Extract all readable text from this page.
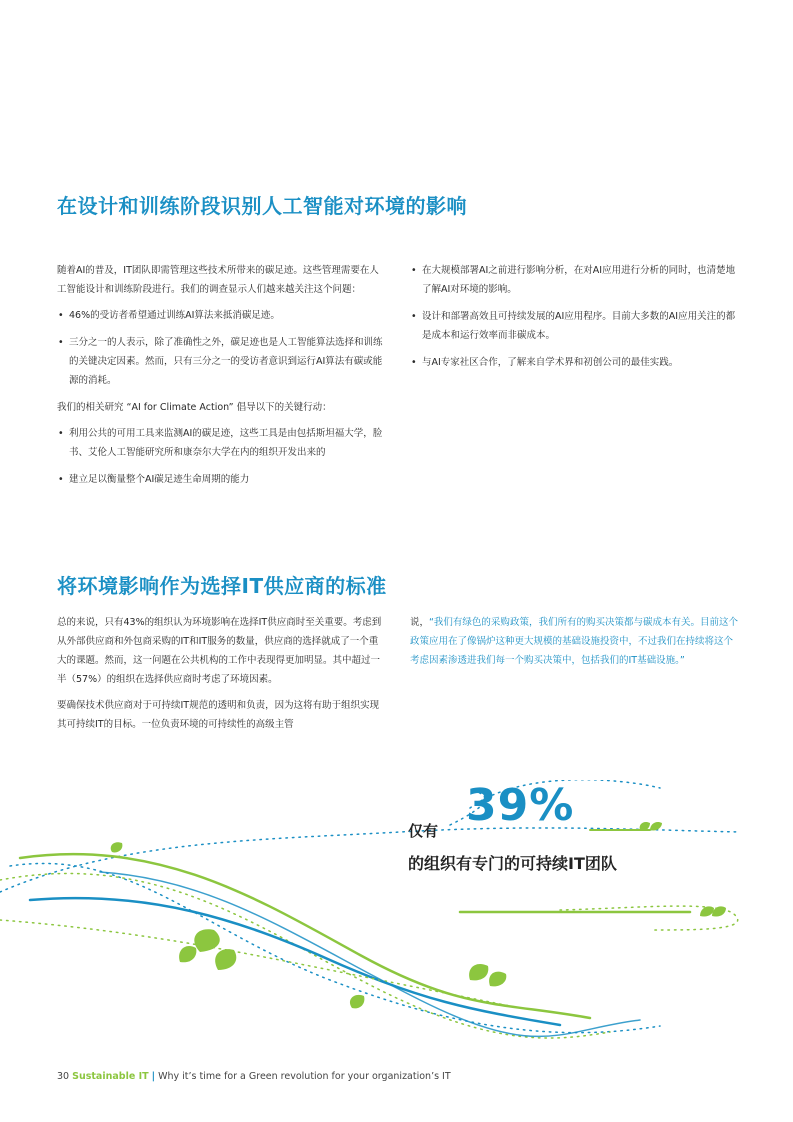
在设计和训练阶段识别人工智能对环境的影响

随着AI的普及，IT团队即需管理这些技术所带来的碳足迹。这些管理需要在人工智能设计和训练阶段进行。我们的调查显示人们越来越关注这个问题：

• 46%的受访者希望通过训练AI算法来抵消碳足迹。
• 三分之一的人表示，除了准确性之外，碳足迹也是人工智能算法选择和训练的关键决定因素。然而，只有三分之一的受访者意识到运行AI算法有碳或能源的消耗。

我们的相关研究 “AI for Climate Action” 倡导以下的关键行动：

• 利用公共的可用工具来监测AI的碳足迹，这些工具是由包括斯坦福大学，脸书、艾伦人工智能研究所和康奈尔大学在内的组织开发出来的
• 建立足以衡量整个AI碳足迹生命周期的能力
• 在大规模部署AI之前进行影响分析，在对AI应用进行分析的同时，也清楚地了解AI对环境的影响。
• 设计和部署高效且可持续发展的AI应用程序。目前大多数的AI应用关注的都是成本和运行效率而非碳成本。
• 与AI专家社区合作，了解来自学术界和初创公司的最佳实践。
将环境影响作为选择IT供应商的标准

总的来说，只有43%的组织认为环境影响在选择IT供应商时至关重要。考虑到从外部供应商和外包商采购的IT和IT服务的数量，供应商的选择就成了一个重大的课题。然而，这一问题在公共机构的工作中表现得更加明显。其中超过一半（57%）的组织在选择供应商时考虑了环境因素。

要确保技术供应商对于可持续IT规范的透明和负责，因为这将有助于组织实现其可持续IT的目标。一位负责环境的可持续性的高级主管

说，“我们有绿色的采购政策，我们所有的购买决策都与碳成本有关。目前这个政策应用在了像锅炉这种更大规模的基础设施投资中，不过我们在持续将这个考虑因素渗透进我们每一个购买决策中，包括我们的IT基础设施。”

39%
仅有
的组织有专门的可持续IT团队
30 Sustainable IT | Why it’s time for a Green revolution for your organization’s IT
